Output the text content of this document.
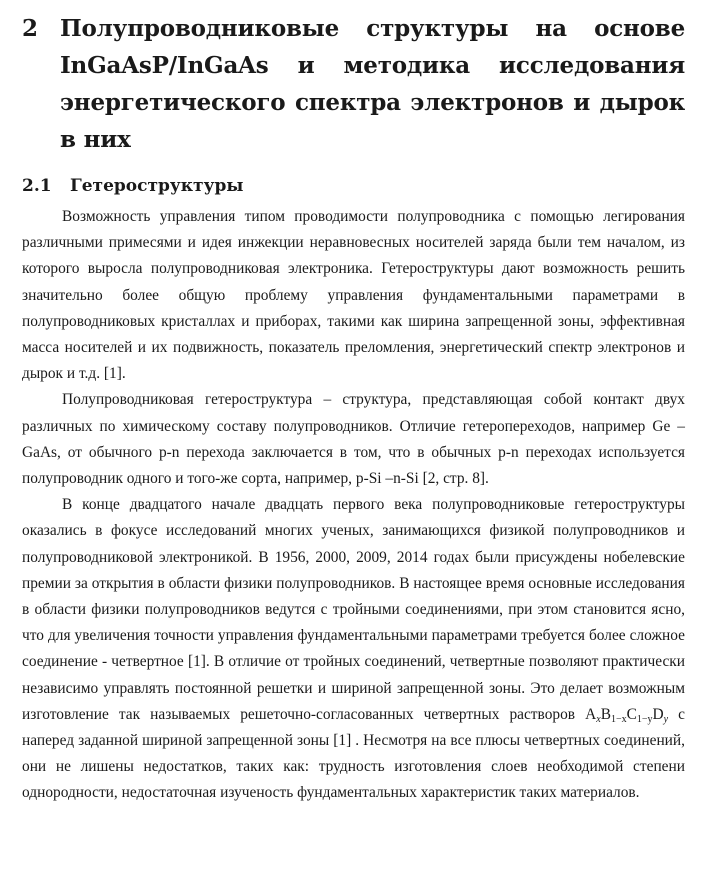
2 Полупроводниковые структуры на основе InGaAsP/InGaAs и методика исследования энергетического спектра электронов и дырок в них
2.1	Гетероструктуры

Возможность управления типом проводимости полупроводника с помощью легирования различными примесями и идея инжекции неравновесных носителей заряда были тем началом, из которого выросла полупроводниковая электроника. Гетероструктуры дают возможность решить значительно более общую проблему управления фундаментальными параметрами в полупроводниковых кристаллах и приборах, такими как ширина запрещенной зоны, эффективная масса носителей и их подвижность, показатель преломления, энергетический спектр электронов и дырок и т.д. [1].

Полупроводниковая гетероструктура – структура, представляющая собой контакт двух различных по химическому составу полупроводников. Отличие гетеропереходов, например Ge –GaAs, от обычного p-n перехода заключается в том, что в обычных p-n переходах используется полупроводник одного и того-же сорта, например, p-Si –n-Si [2, стр. 8].

В конце двадцатого начале двадцать первого века полупроводниковые гетероструктуры оказались в фокусе исследований многих ученых, занимающихся физикой полупроводников и полупроводниковой электроникой. В 1956, 2000, 2009, 2014 годах были присуждены нобелевские премии за открытия в области физики полупроводников. В настоящее время основные исследования в области физики полупроводников ведутся с тройными соединениями, при этом становится ясно, что для увеличения точности управления фундаментальными параметрами требуется более сложное соединение - четвертное [1]. В отличие от тройных соединений, четвертные позволяют практически независимо управлять постоянной решетки и шириной запрещенной зоны. Это делает возможным изготовление так называемых решеточно-согласованных четвертных растворов $A_xB_{1-x}C_{1-y}D_y$ с наперед заданной шириной запрещенной зоны [1] . Несмотря на все плюсы четвертных соединений, они не лишены недостатков, таких как: трудность изготовления слоев необходимой степени однородности, недостаточная изученость фундаментальных характеристик таких материалов.
